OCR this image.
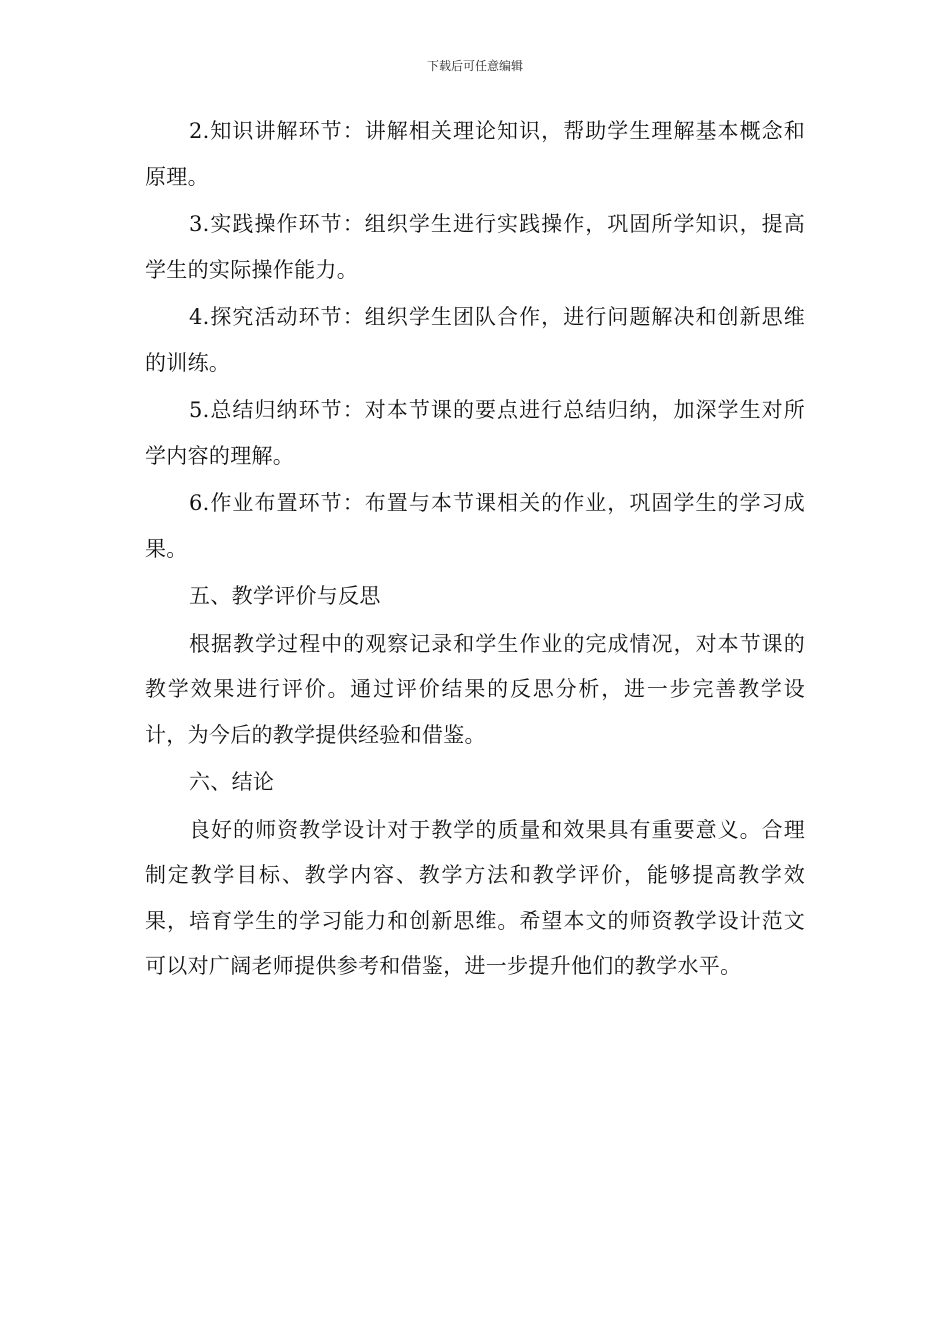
下载后可任意编辑

2.知识讲解环节：讲解相关理论知识，帮助学生理解基本概念和原理。

3.实践操作环节：组织学生进行实践操作，巩固所学知识，提高学生的实际操作能力。

4.探究活动环节：组织学生团队合作，进行问题解决和创新思维的训练。

5.总结归纳环节：对本节课的要点进行总结归纳，加深学生对所学内容的理解。

6.作业布置环节：布置与本节课相关的作业，巩固学生的学习成果。

五、教学评价与反思

根据教学过程中的观察记录和学生作业的完成情况，对本节课的教学效果进行评价。通过评价结果的反思分析，进一步完善教学设计，为今后的教学提供经验和借鉴。

六、结论

良好的师资教学设计对于教学的质量和效果具有重要意义。合理制定教学目标、教学内容、教学方法和教学评价，能够提高教学效果，培育学生的学习能力和创新思维。希望本文的师资教学设计范文可以对广阔老师提供参考和借鉴，进一步提升他们的教学水平。
